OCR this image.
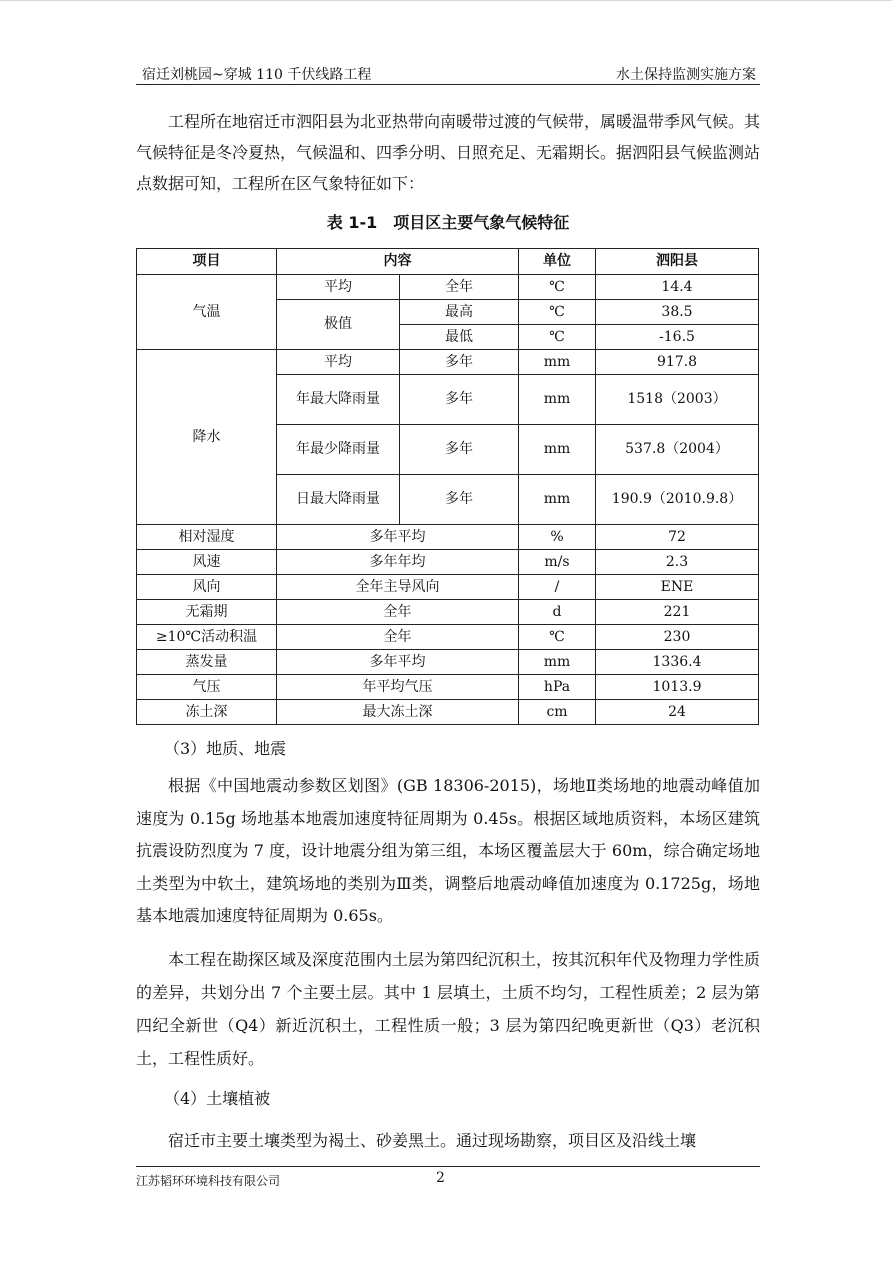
宿迁刘桃园~穿城 110 千伏线路工程	水土保持监测实施方案

工程所在地宿迁市泗阳县为北亚热带向南暖带过渡的气候带，属暖温带季风气候。其气候特征是冬冷夏热，气候温和、四季分明、日照充足、无霜期长。据泗阳县气候监测站点数据可知，工程所在区气象特征如下：

表 1-1　项目区主要气象气候特征
项目	内容		单位	泗阳县
气温	平均	全年	℃	14.4
	极值	最高	℃	38.5
		最低	℃	-16.5
降水	平均	多年	mm	917.8
	年最大降雨量	多年	mm	1518（2003）
	年最少降雨量	多年	mm	537.8（2004）
	日最大降雨量	多年	mm	190.9（2010.9.8）
相对湿度	多年平均		%	72
风速	多年年均		m/s	2.3
风向	全年主导风向		/	ENE
无霜期	全年		d	221
≥10℃活动积温	全年		℃	230
蒸发量	多年平均		mm	1336.4
气压	年平均气压		hPa	1013.9
冻土深	最大冻土深		cm	24

（3）地质、地震

根据《中国地震动参数区划图》(GB 18306-2015)，场地Ⅱ类场地的地震动峰值加速度为 0.15g 场地基本地震加速度特征周期为 0.45s。根据区域地质资料，本场区建筑抗震设防烈度为 7 度，设计地震分组为第三组，本场区覆盖层大于 60m，综合确定场地土类型为中软土，建筑场地的类别为Ⅲ类，调整后地震动峰值加速度为 0.1725g，场地基本地震加速度特征周期为 0.65s。

本工程在勘探区域及深度范围内土层为第四纪沉积土，按其沉积年代及物理力学性质的差异，共划分出 7 个主要土层。其中 1 层填土，土质不均匀，工程性质差；2 层为第四纪全新世（Q4）新近沉积土，工程性质一般；3 层为第四纪晚更新世（Q3）老沉积土，工程性质好。

（4）土壤植被

宿迁市主要土壤类型为褐土、砂姜黑土。通过现场勘察，项目区及沿线土壤

江苏韬环环境科技有限公司	2
